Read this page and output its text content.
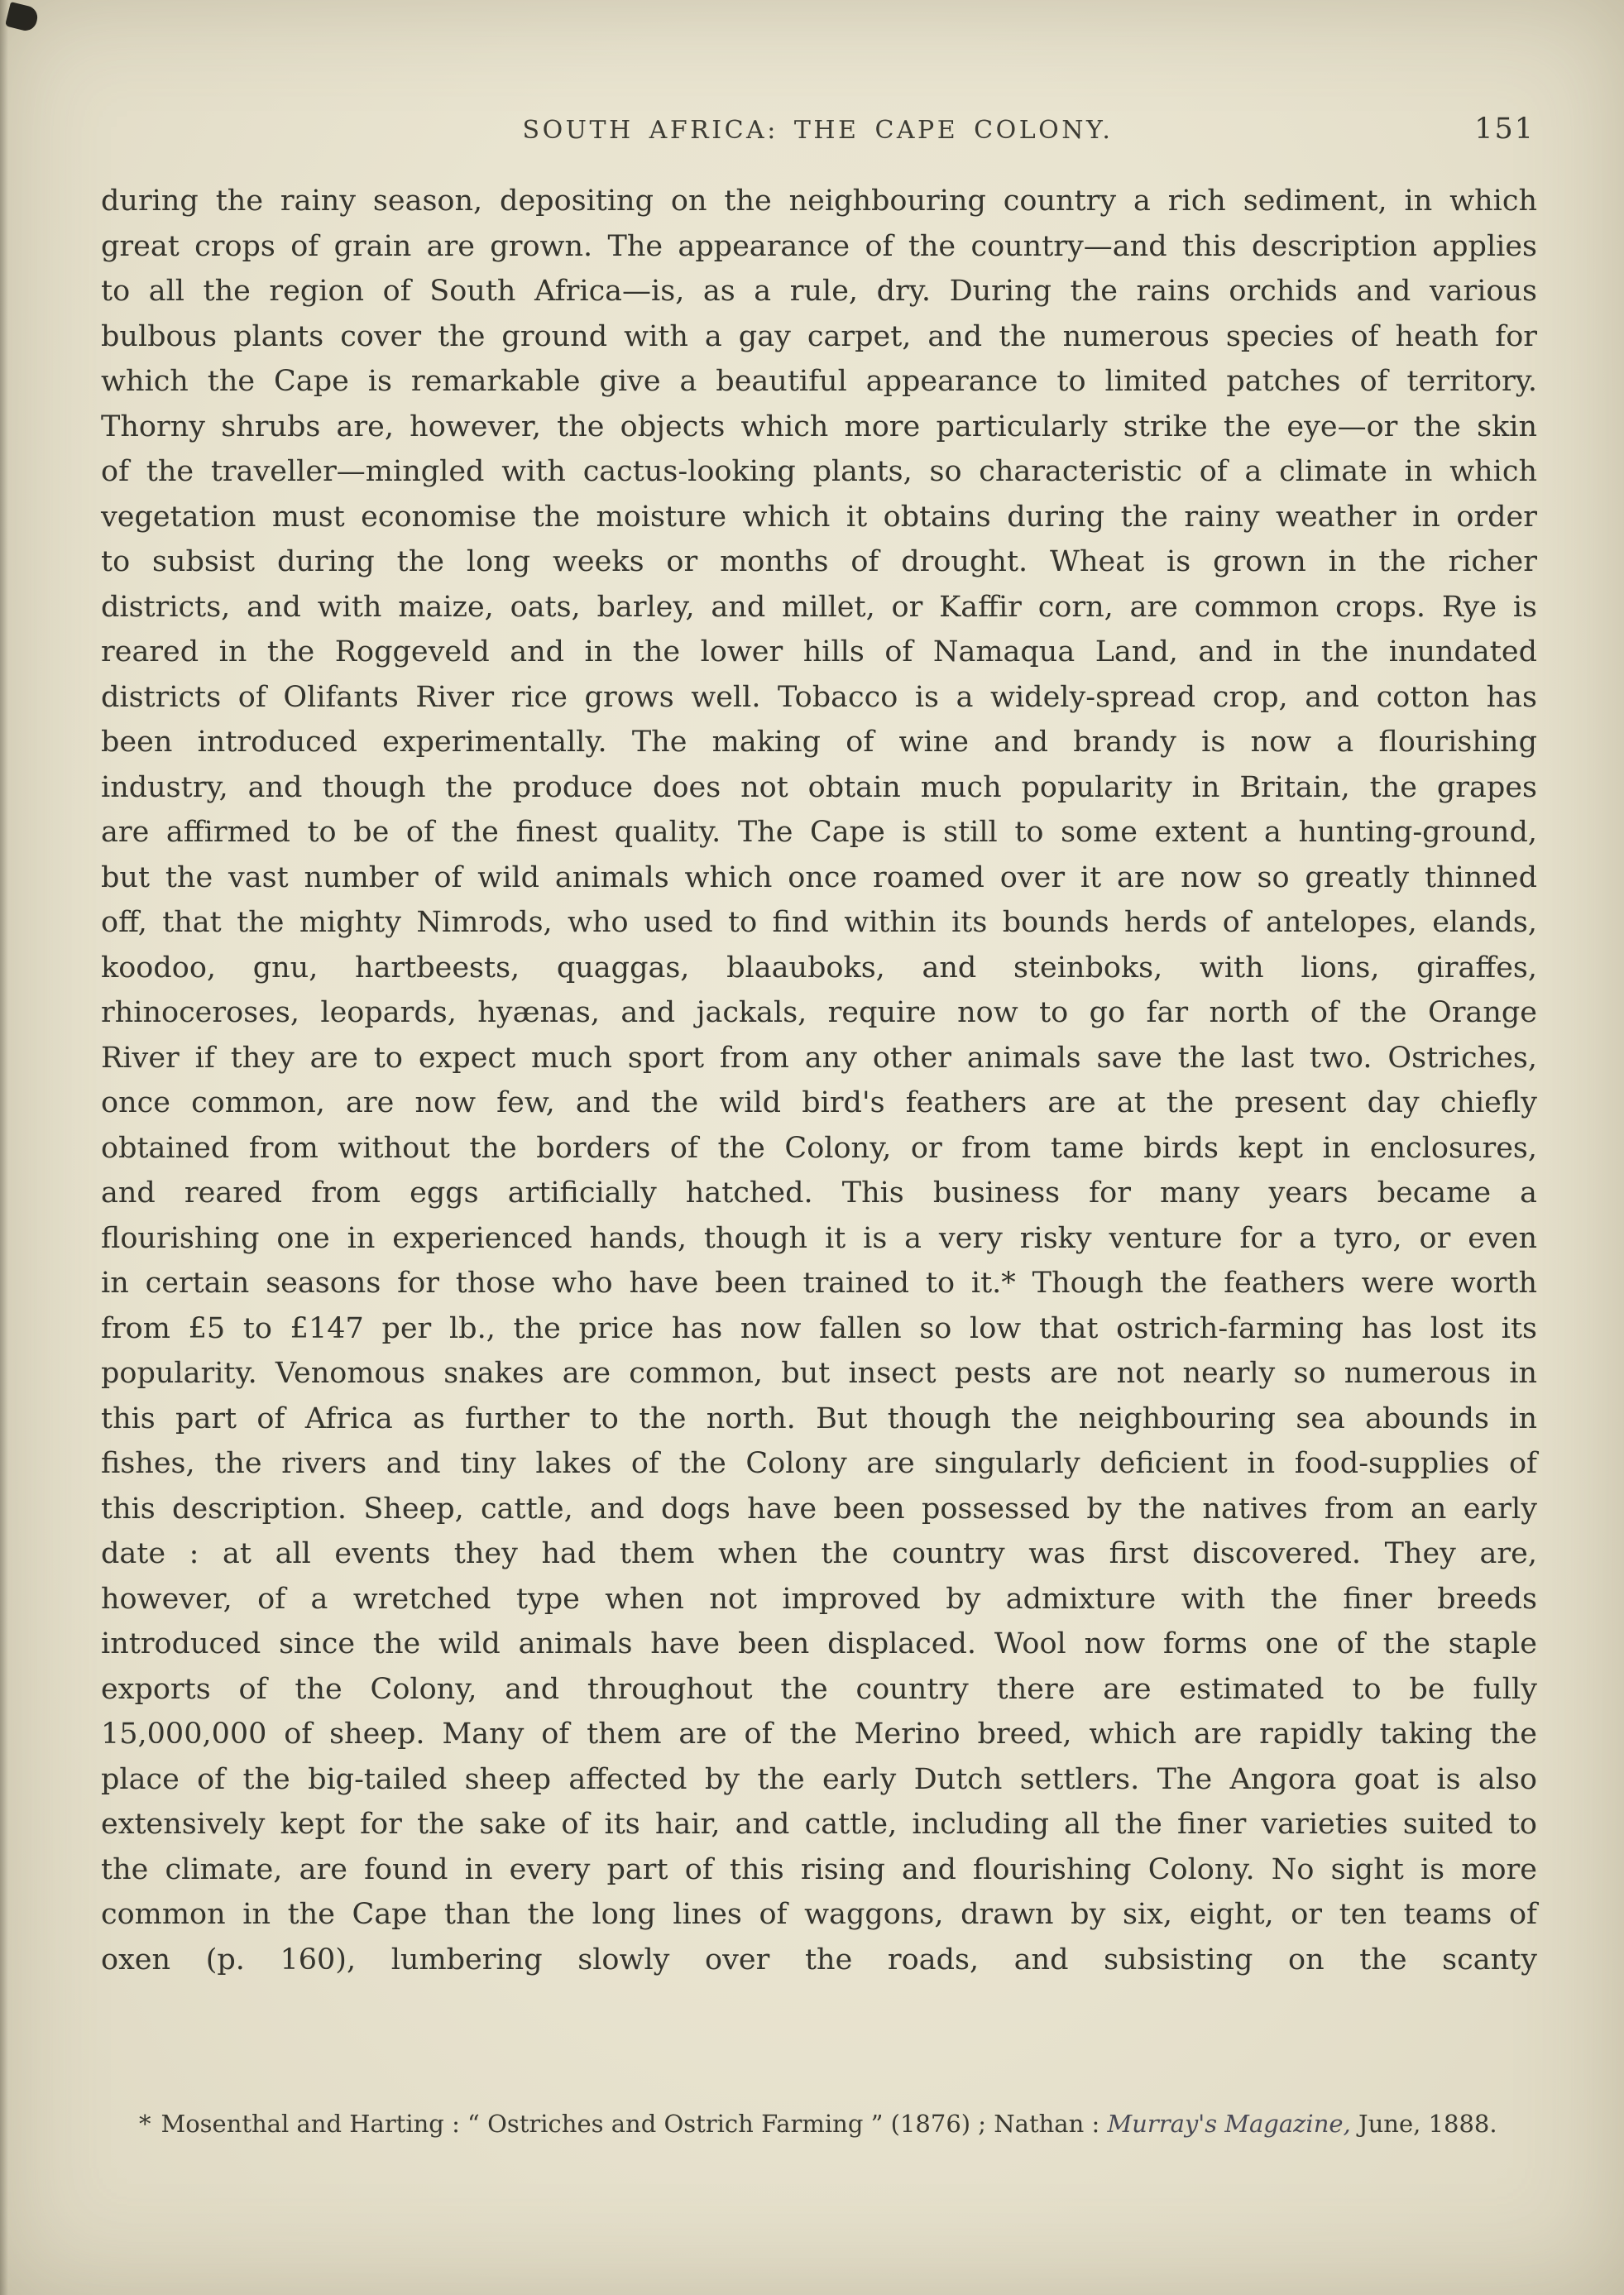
SOUTH AFRICA: THE CAPE COLONY.	151

during the rainy season, depositing on the neighbouring country a rich sediment, in which great crops of grain are grown. The appearance of the country—and this description applies to all the region of South Africa—is, as a rule, dry. During the rains orchids and various bulbous plants cover the ground with a gay carpet, and the numerous species of heath for which the Cape is remarkable give a beautiful appearance to limited patches of territory. Thorny shrubs are, however, the objects which more particularly strike the eye—or the skin of the traveller—mingled with cactus-looking plants, so characteristic of a climate in which vegetation must economise the moisture which it obtains during the rainy weather in order to subsist during the long weeks or months of drought. Wheat is grown in the richer districts, and with maize, oats, barley, and millet, or Kaffir corn, are common crops. Rye is reared in the Roggeveld and in the lower hills of Namaqua Land, and in the inundated districts of Olifants River rice grows well. Tobacco is a widely-spread crop, and cotton has been introduced experimentally. The making of wine and brandy is now a flourishing industry, and though the produce does not obtain much popularity in Britain, the grapes are affirmed to be of the finest quality. The Cape is still to some extent a hunting-ground, but the vast number of wild animals which once roamed over it are now so greatly thinned off, that the mighty Nimrods, who used to find within its bounds herds of antelopes, elands, koodoo, gnu, hartbeests, quaggas, blaauboks, and steinboks, with lions, giraffes, rhinoceroses, leopards, hyænas, and jackals, require now to go far north of the Orange River if they are to expect much sport from any other animals save the last two. Ostriches, once common, are now few, and the wild bird's feathers are at the present day chiefly obtained from without the borders of the Colony, or from tame birds kept in enclosures, and reared from eggs artificially hatched. This business for many years became a flourishing one in experienced hands, though it is a very risky venture for a tyro, or even in certain seasons for those who have been trained to it.* Though the feathers were worth from £5 to £147 per lb., the price has now fallen so low that ostrich-farming has lost its popularity. Venomous snakes are common, but insect pests are not nearly so numerous in this part of Africa as further to the north. But though the neighbouring sea abounds in fishes, the rivers and tiny lakes of the Colony are singularly deficient in food-supplies of this description. Sheep, cattle, and dogs have been possessed by the natives from an early date : at all events they had them when the country was first discovered. They are, however, of a wretched type when not improved by admixture with the finer breeds introduced since the wild animals have been displaced. Wool now forms one of the staple exports of the Colony, and throughout the country there are estimated to be fully 15,000,000 of sheep. Many of them are of the Merino breed, which are rapidly taking the place of the big-tailed sheep affected by the early Dutch settlers. The Angora goat is also extensively kept for the sake of its hair, and cattle, including all the finer varieties suited to the climate, are found in every part of this rising and flourishing Colony. No sight is more common in the Cape than the long lines of waggons, drawn by six, eight, or ten teams of oxen (p. 160), lumbering slowly over the roads, and subsisting on the scanty

* Mosenthal and Harting : “ Ostriches and Ostrich Farming ” (1876) ; Nathan : Murray's Magazine, June, 1888.
